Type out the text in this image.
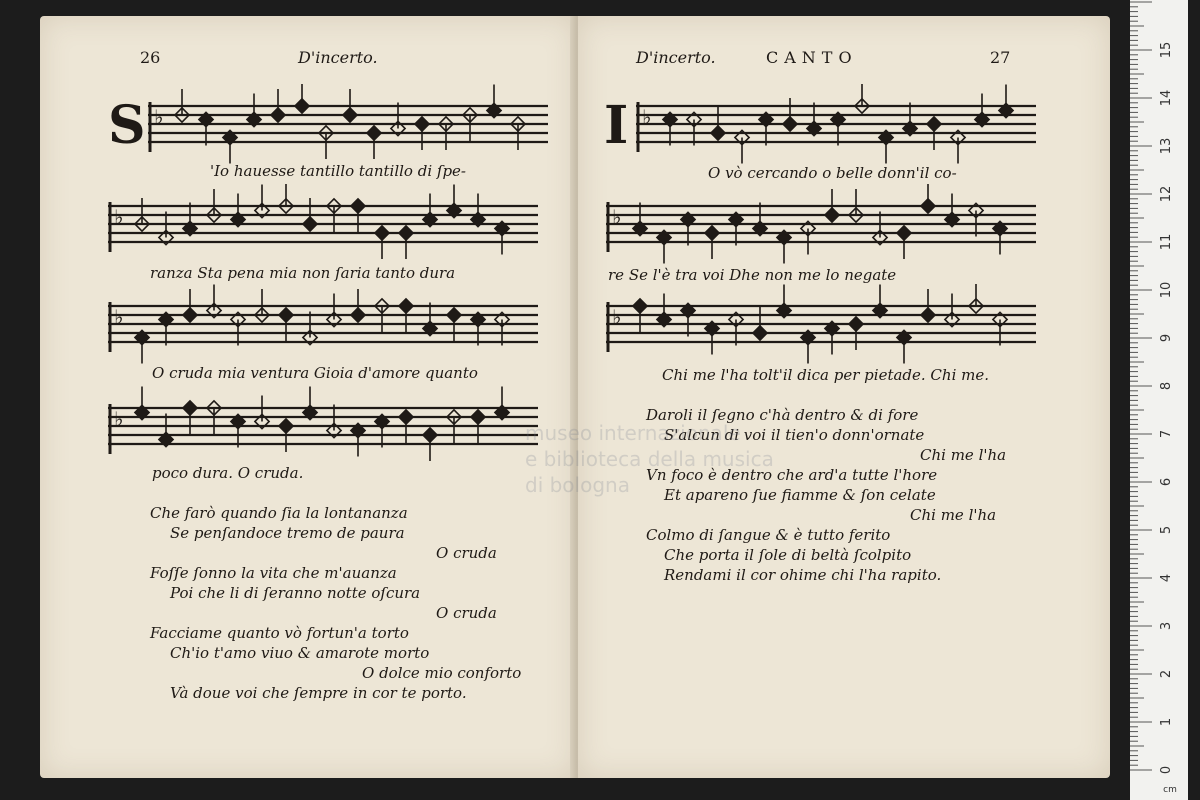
26	D'incerto.
S ♭
♭
♭
♭
'Io hauesse tantillo tantillo di ſpe-
ranza Sta pena mia non ſaria tanto dura
O cruda mia ventura Gioia d'amore quanto
poco dura. O cruda.
Che farò quando ſia la lontananza
Se penſandoce tremo de paura
O cruda
Foſſe ſonno la vita che m'auanza
Poi che li di ſeranno notte oſcura
O cruda
Facciame quanto vò fortun'a torto
Ch'io t'amo viuo & amarote morto
O dolce mio conforto
Và doue voi che ſempre in cor te porto.
D'incerto.	CANTO	27
I ♭
♭
♭
O vò cercando o belle donn'il co-
re Se l'è tra voi Dhe non me lo negate
Chi me l'ha tolt'il dica per pietade. Chi me.
Daroli il ſegno c'hà dentro & di fore
S'alcun di voi il tien'o donn'ornate
Chi me l'ha
Vn foco è dentro che ard'a tutte l'hore
Et apareno ſue fiamme & ſon celate
Chi me l'ha
Colmo di ſangue & è tutto ferito
Che porta il ſole di beltà ſcolpito
Rendami il cor ohime chi l'ha rapito.
museo internazionale
e biblioteca della musica
di bologna
15
14
13
12
11
10
9
8
7
6
5
4
3
2
1
0
cm
